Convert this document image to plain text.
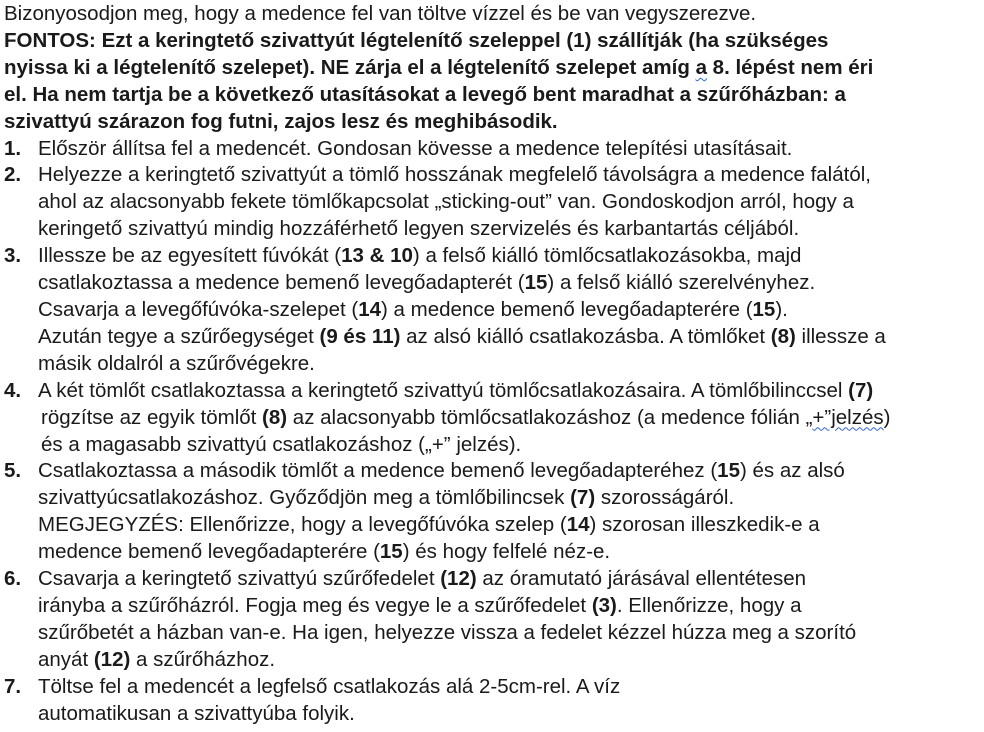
Bizonyosodjon meg, hogy a medence fel van töltve vízzel és be van vegyszerezve.

FONTOS: Ezt a keringtető szivattyút légtelenítő szeleppel (1) szállítják (ha szükséges
nyissa ki a légtelenítő szelepet). NE zárja el a légtelenítő szelepet amíg a 8. lépést nem éri
el. Ha nem tartja be a következő utasításokat a levegő bent maradhat a szűrőházban: a
szivattyú szárazon fog futni, zajos lesz és meghibásodik.
1. Először állítsa fel a medencét. Gondosan kövesse a medence telepítési utasításait.
2. Helyezze a keringtető szivattyút a tömlő hosszának megfelelő távolságra a medence falától,
ahol az alacsonyabb fekete tömlőkapcsolat „sticking-out” van. Gondoskodjon arról, hogy a
keringető szivattyú mindig hozzáférhető legyen szervizelés és karbantartás céljából.
3. Illessze be az egyesített fúvókát (13 & 10) a felső kiálló tömlőcsatlakozásokba, majd
csatlakoztassa a medence bemenő levegőadapterét (15) a felső kiálló szerelvényhez.
Csavarja a levegőfúvóka-szelepet (14) a medence bemenő levegőadapterére (15).
Azután tegye a szűrőegységet (9 és 11) az alsó kiálló csatlakozásba. A tömlőket (8) illessze a
másik oldalról a szűrővégekre.
4. A két tömlőt csatlakoztassa a keringtető szivattyú tömlőcsatlakozásaira. A tömlőbilinccsel (7)
rögzítse az egyik tömlőt (8) az alacsonyabb tömlőcsatlakozáshoz (a medence fólián „+”jelzés)
és a magasabb szivattyú csatlakozáshoz („+” jelzés).
5. Csatlakoztassa a második tömlőt a medence bemenő levegőadapteréhez (15) és az alsó
szivattyúcsatlakozáshoz. Győződjön meg a tömlőbilincsek (7) szorosságáról.
MEGJEGYZÉS: Ellenőrizze, hogy a levegőfúvóka szelep (14) szorosan illeszkedik-e a
medence bemenő levegőadapterére (15) és hogy felfelé néz-e.
6. Csavarja a keringtető szivattyú szűrőfedelet (12) az óramutató járásával ellentétesen
irányba a szűrőházról. Fogja meg és vegye le a szűrőfedelet (3). Ellenőrizze, hogy a
szűrőbetét a házban van-e. Ha igen, helyezze vissza a fedelet kézzel húzza meg a szorító
anyát (12) a szűrőházhoz.
7. Töltse fel a medencét a legfelső csatlakozás alá 2-5cm-rel. A víz
automatikusan a szivattyúba folyik.
